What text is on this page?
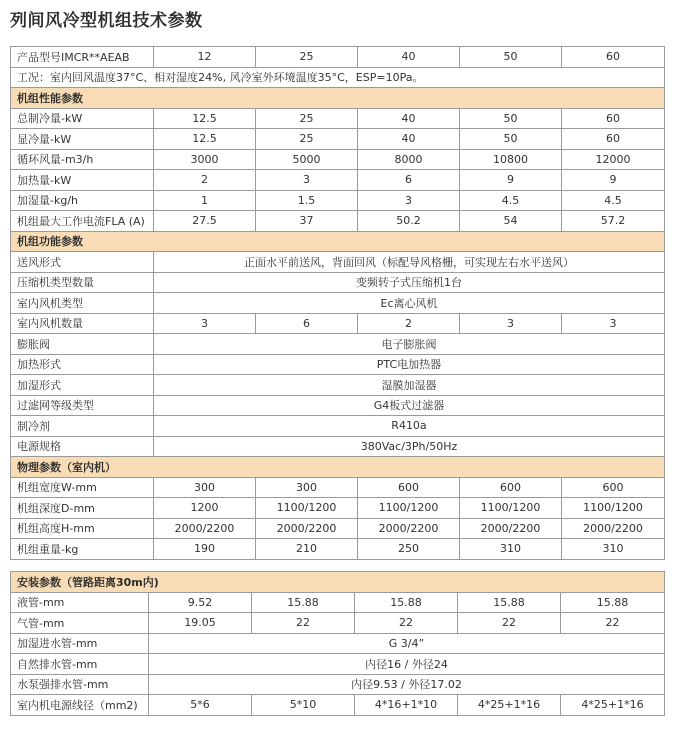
列间风冷型机组技术参数
产品型号IMCR**AEAB	12	25	40	50	60
工况：室内回风温度37°C、相对湿度24%, 风冷室外环境温度35°C，ESP=10Pa。					
机组性能参数					
总制冷量-kW	12.5	25	40	50	60
显冷量-kW	12.5	25	40	50	60
循环风量-m3/h	3000	5000	8000	10800	12000
加热量-kW	2	3	6	9	9
加湿量-kg/h	1	1.5	3	4.5	4.5
机组最大工作电流FLA (A)	27.5	37	50.2	54	57.2
机组功能参数					
送风形式	正面水平前送风，背面回风（标配导风格栅，可实现左右水平送风）				
压缩机类型数量	变频转子式压缩机1台				
室内风机类型	Ec离心风机				
室内风机数量	3	6	2	3	3
膨胀阀	电子膨胀阀				
加热形式	PTC电加热器				
加湿形式	湿膜加湿器				
过滤网等级类型	G4板式过滤器				
制冷剂	R410a				
电源规格	380Vac/3Ph/50Hz				
物理参数（室内机）					
机组宽度W-mm	300	300	600	600	600
机组深度D-mm	1200	1100/1200	1100/1200	1100/1200	1100/1200
机组高度H-mm	2000/2200	2000/2200	2000/2200	2000/2200	2000/2200
机组重量-kg	190	210	250	310	310
安装参数（管路距离30m内)					
液管-mm	9.52	15.88	15.88	15.88	15.88
气管-mm	19.05	22	22	22	22
加湿进水管-mm	G 3/4”				
自然排水管-mm	内径16 / 外径24				
水泵强排水管-mm	内径9.53 / 外径17.02				
室内机电源线径（mm2)	5*6	5*10	4*16+1*10	4*25+1*16	4*25+1*16
